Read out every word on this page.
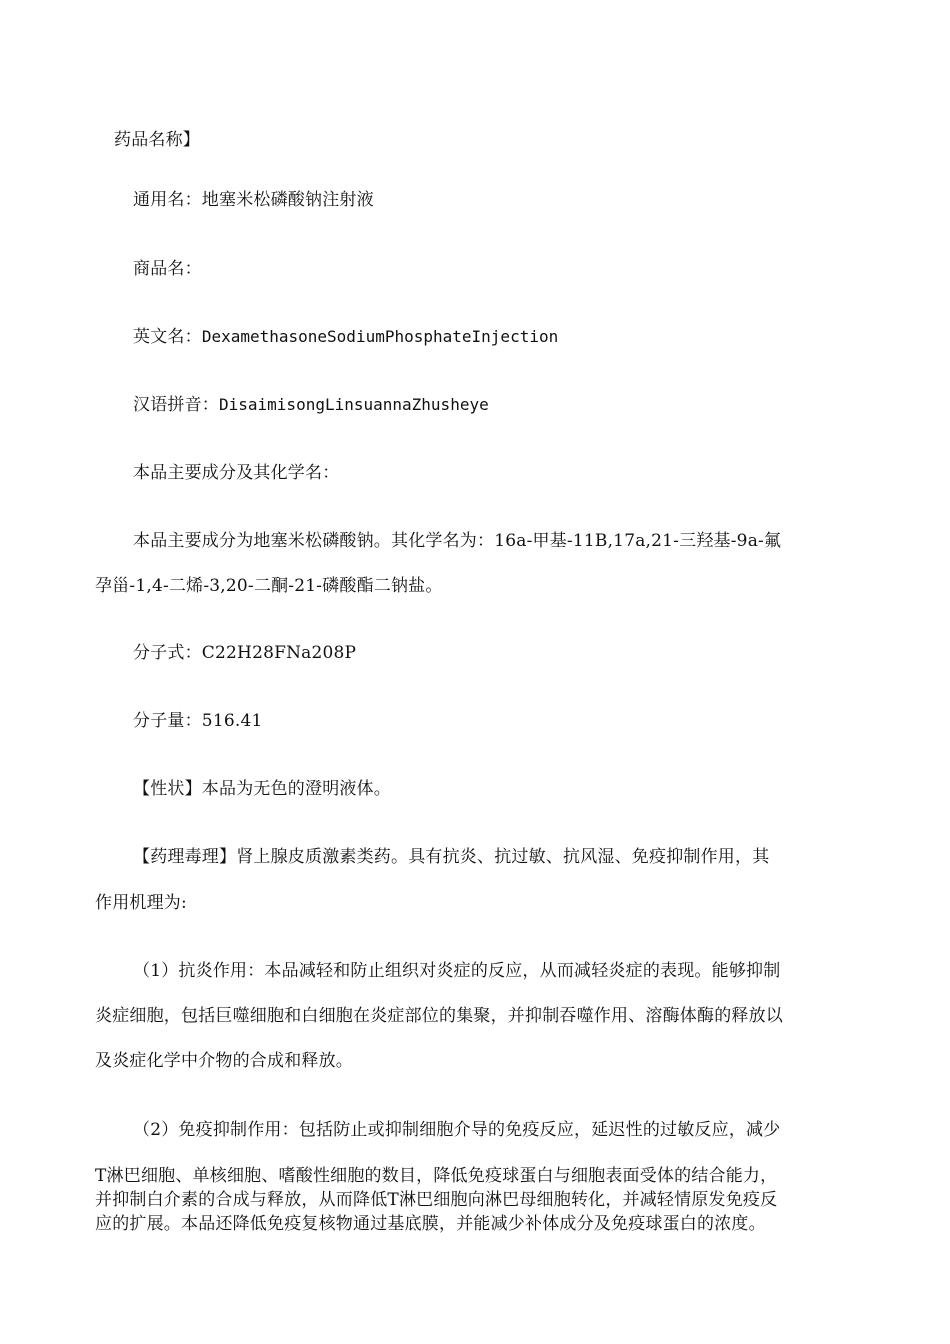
药品名称】
通用名：地塞米松磷酸钠注射液
商品名：
英文名：DexamethasoneSodiumPhosphateInjection
汉语拼音：DisaimisongLinsuannaZhusheye
本品主要成分及其化学名：
本品主要成分为地塞米松磷酸钠。其化学名为：16a-甲基-11B,17a,21-三羟基-9a-氟
孕甾-1,4-二烯-3,20-二酮-21-磷酸酯二钠盐。
分子式：C22H28FNa208P
分子量：516.41
【性状】本品为无色的澄明液体。
【药理毒理】肾上腺皮质激素类药。具有抗炎、抗过敏、抗风湿、免疫抑制作用，其
作用机理为:
（1）抗炎作用：本品减轻和防止组织对炎症的反应，从而减轻炎症的表现。能够抑制
炎症细胞，包括巨噬细胞和白细胞在炎症部位的集聚，并抑制吞噬作用、溶酶体酶的释放以
及炎症化学中介物的合成和释放。
（2）免疫抑制作用：包括防止或抑制细胞介导的免疫反应，延迟性的过敏反应，减少
T淋巴细胞、单核细胞、嗜酸性细胞的数目，降低免疫球蛋白与细胞表面受体的结合能力，
并抑制白介素的合成与释放，从而降低T淋巴细胞向淋巴母细胞转化，并减轻情原发免疫反
应的扩展。本品还降低免疫复核物通过基底膜，并能减少补体成分及免疫球蛋白的浓度。
